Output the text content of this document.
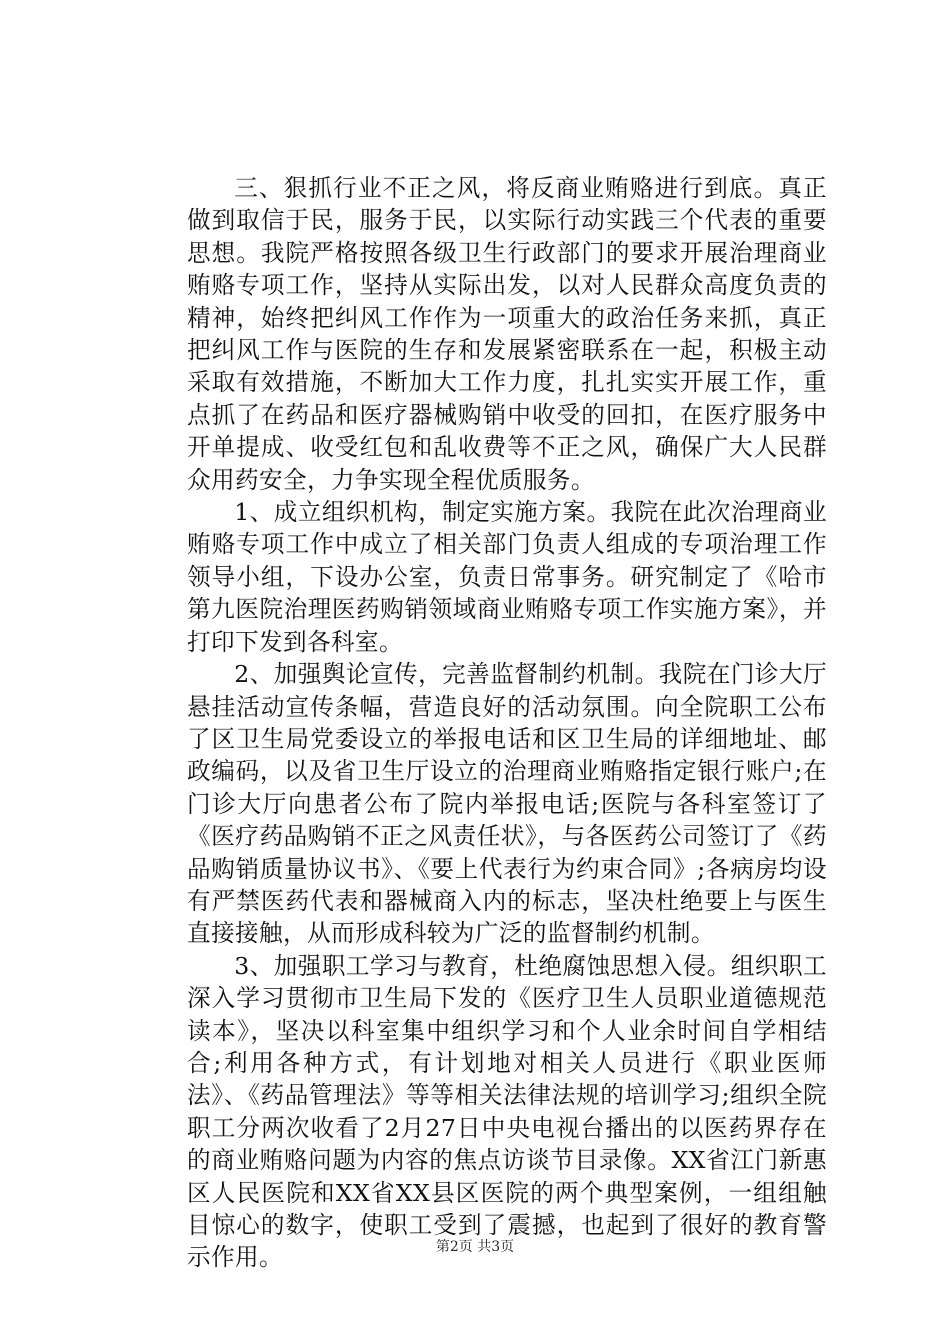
三、狠抓行业不正之风，将反商业贿赂进行到底。真正做到取信于民，服务于民，以实际行动实践三个代表的重要思想。我院严格按照各级卫生行政部门的要求开展治理商业贿赂专项工作，坚持从实际出发，以对人民群众高度负责的精神，始终把纠风工作作为一项重大的政治任务来抓，真正把纠风工作与医院的生存和发展紧密联系在一起，积极主动采取有效措施，不断加大工作力度，扎扎实实开展工作，重点抓了在药品和医疗器械购销中收受的回扣，在医疗服务中开单提成、收受红包和乱收费等不正之风，确保广大人民群众用药安全，力争实现全程优质服务。

1、成立组织机构，制定实施方案。我院在此次治理商业贿赂专项工作中成立了相关部门负责人组成的专项治理工作领导小组，下设办公室，负责日常事务。研究制定了《哈市第九医院治理医药购销领域商业贿赂专项工作实施方案》，并打印下发到各科室。

2、加强舆论宣传，完善监督制约机制。我院在门诊大厅悬挂活动宣传条幅，营造良好的活动氛围。向全院职工公布了区卫生局党委设立的举报电话和区卫生局的详细地址、邮政编码，以及省卫生厅设立的治理商业贿赂指定银行账户;在门诊大厅向患者公布了院内举报电话;医院与各科室签订了《医疗药品购销不正之风责任状》，与各医药公司签订了《药品购销质量协议书》、《要上代表行为约束合同》;各病房均设有严禁医药代表和器械商入内的标志，坚决杜绝要上与医生直接接触，从而形成科较为广泛的监督制约机制。

3、加强职工学习与教育，杜绝腐蚀思想入侵。组织职工深入学习贯彻市卫生局下发的《医疗卫生人员职业道德规范读本》，坚决以科室集中组织学习和个人业余时间自学相结合;利用各种方式，有计划地对相关人员进行《职业医师法》、《药品管理法》等等相关法律法规的培训学习;组织全院职工分两次收看了2月27日中央电视台播出的以医药界存在的商业贿赂问题为内容的焦点访谈节目录像。XX省江门新惠区人民医院和XX省XX县区医院的两个典型案例，一组组触目惊心的数字，使职工受到了震撼，也起到了很好的教育警示作用。	第2页 共3页
